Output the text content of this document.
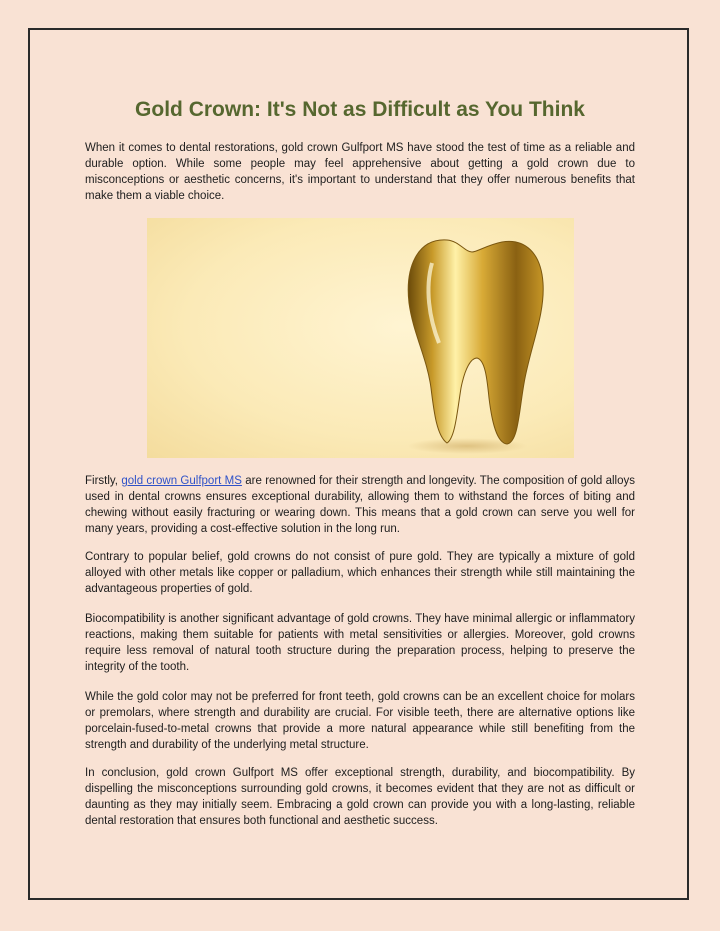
Gold Crown: It's Not as Difficult as You Think

When it comes to dental restorations, gold crown Gulfport MS have stood the test of time as a reliable and durable option. While some people may feel apprehensive about getting a gold crown due to misconceptions or aesthetic concerns, it's important to understand that they offer numerous benefits that make them a viable choice.

Firstly, gold crown Gulfport MS are renowned for their strength and longevity. The composition of gold alloys used in dental crowns ensures exceptional durability, allowing them to withstand the forces of biting and chewing without easily fracturing or wearing down. This means that a gold crown can serve you well for many years, providing a cost-effective solution in the long run.

Contrary to popular belief, gold crowns do not consist of pure gold. They are typically a mixture of gold alloyed with other metals like copper or palladium, which enhances their strength while still maintaining the advantageous properties of gold.

Biocompatibility is another significant advantage of gold crowns. They have minimal allergic or inflammatory reactions, making them suitable for patients with metal sensitivities or allergies. Moreover, gold crowns require less removal of natural tooth structure during the preparation process, helping to preserve the integrity of the tooth.

While the gold color may not be preferred for front teeth, gold crowns can be an excellent choice for molars or premolars, where strength and durability are crucial. For visible teeth, there are alternative options like porcelain-fused-to-metal crowns that provide a more natural appearance while still benefiting from the strength and durability of the underlying metal structure.

In conclusion, gold crown Gulfport MS offer exceptional strength, durability, and biocompatibility. By dispelling the misconceptions surrounding gold crowns, it becomes evident that they are not as difficult or daunting as they may initially seem. Embracing a gold crown can provide you with a long-lasting, reliable dental restoration that ensures both functional and aesthetic success.
